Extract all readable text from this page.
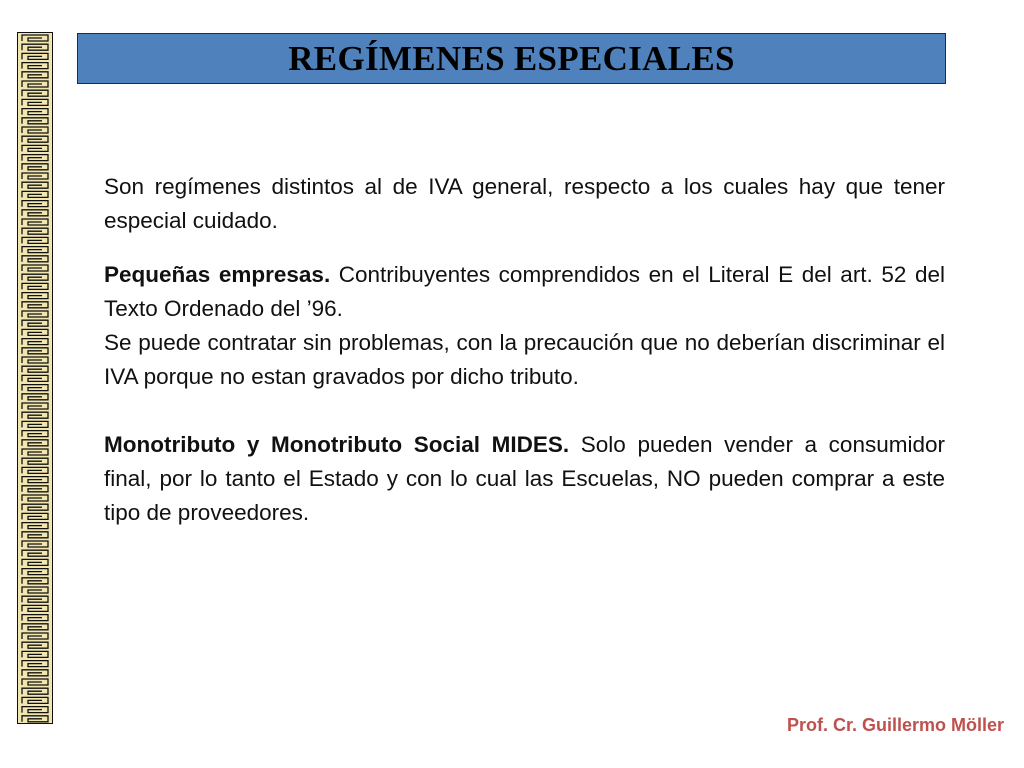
REGÍMENES ESPECIALES

Son regímenes distintos al de IVA general, respecto a los cuales hay que tener especial cuidado.

Pequeñas empresas. Contribuyentes comprendidos en el Literal E del art. 52 del Texto Ordenado del ’96.

Se puede contratar sin problemas, con la precaución que no deberían discriminar el IVA porque no estan gravados por dicho tributo.

Monotributo y Monotributo Social MIDES. Solo pueden vender a consumidor final, por lo tanto el Estado y con lo cual las Escuelas, NO pueden comprar a este tipo de proveedores.

Prof. Cr. Guillermo Möller
